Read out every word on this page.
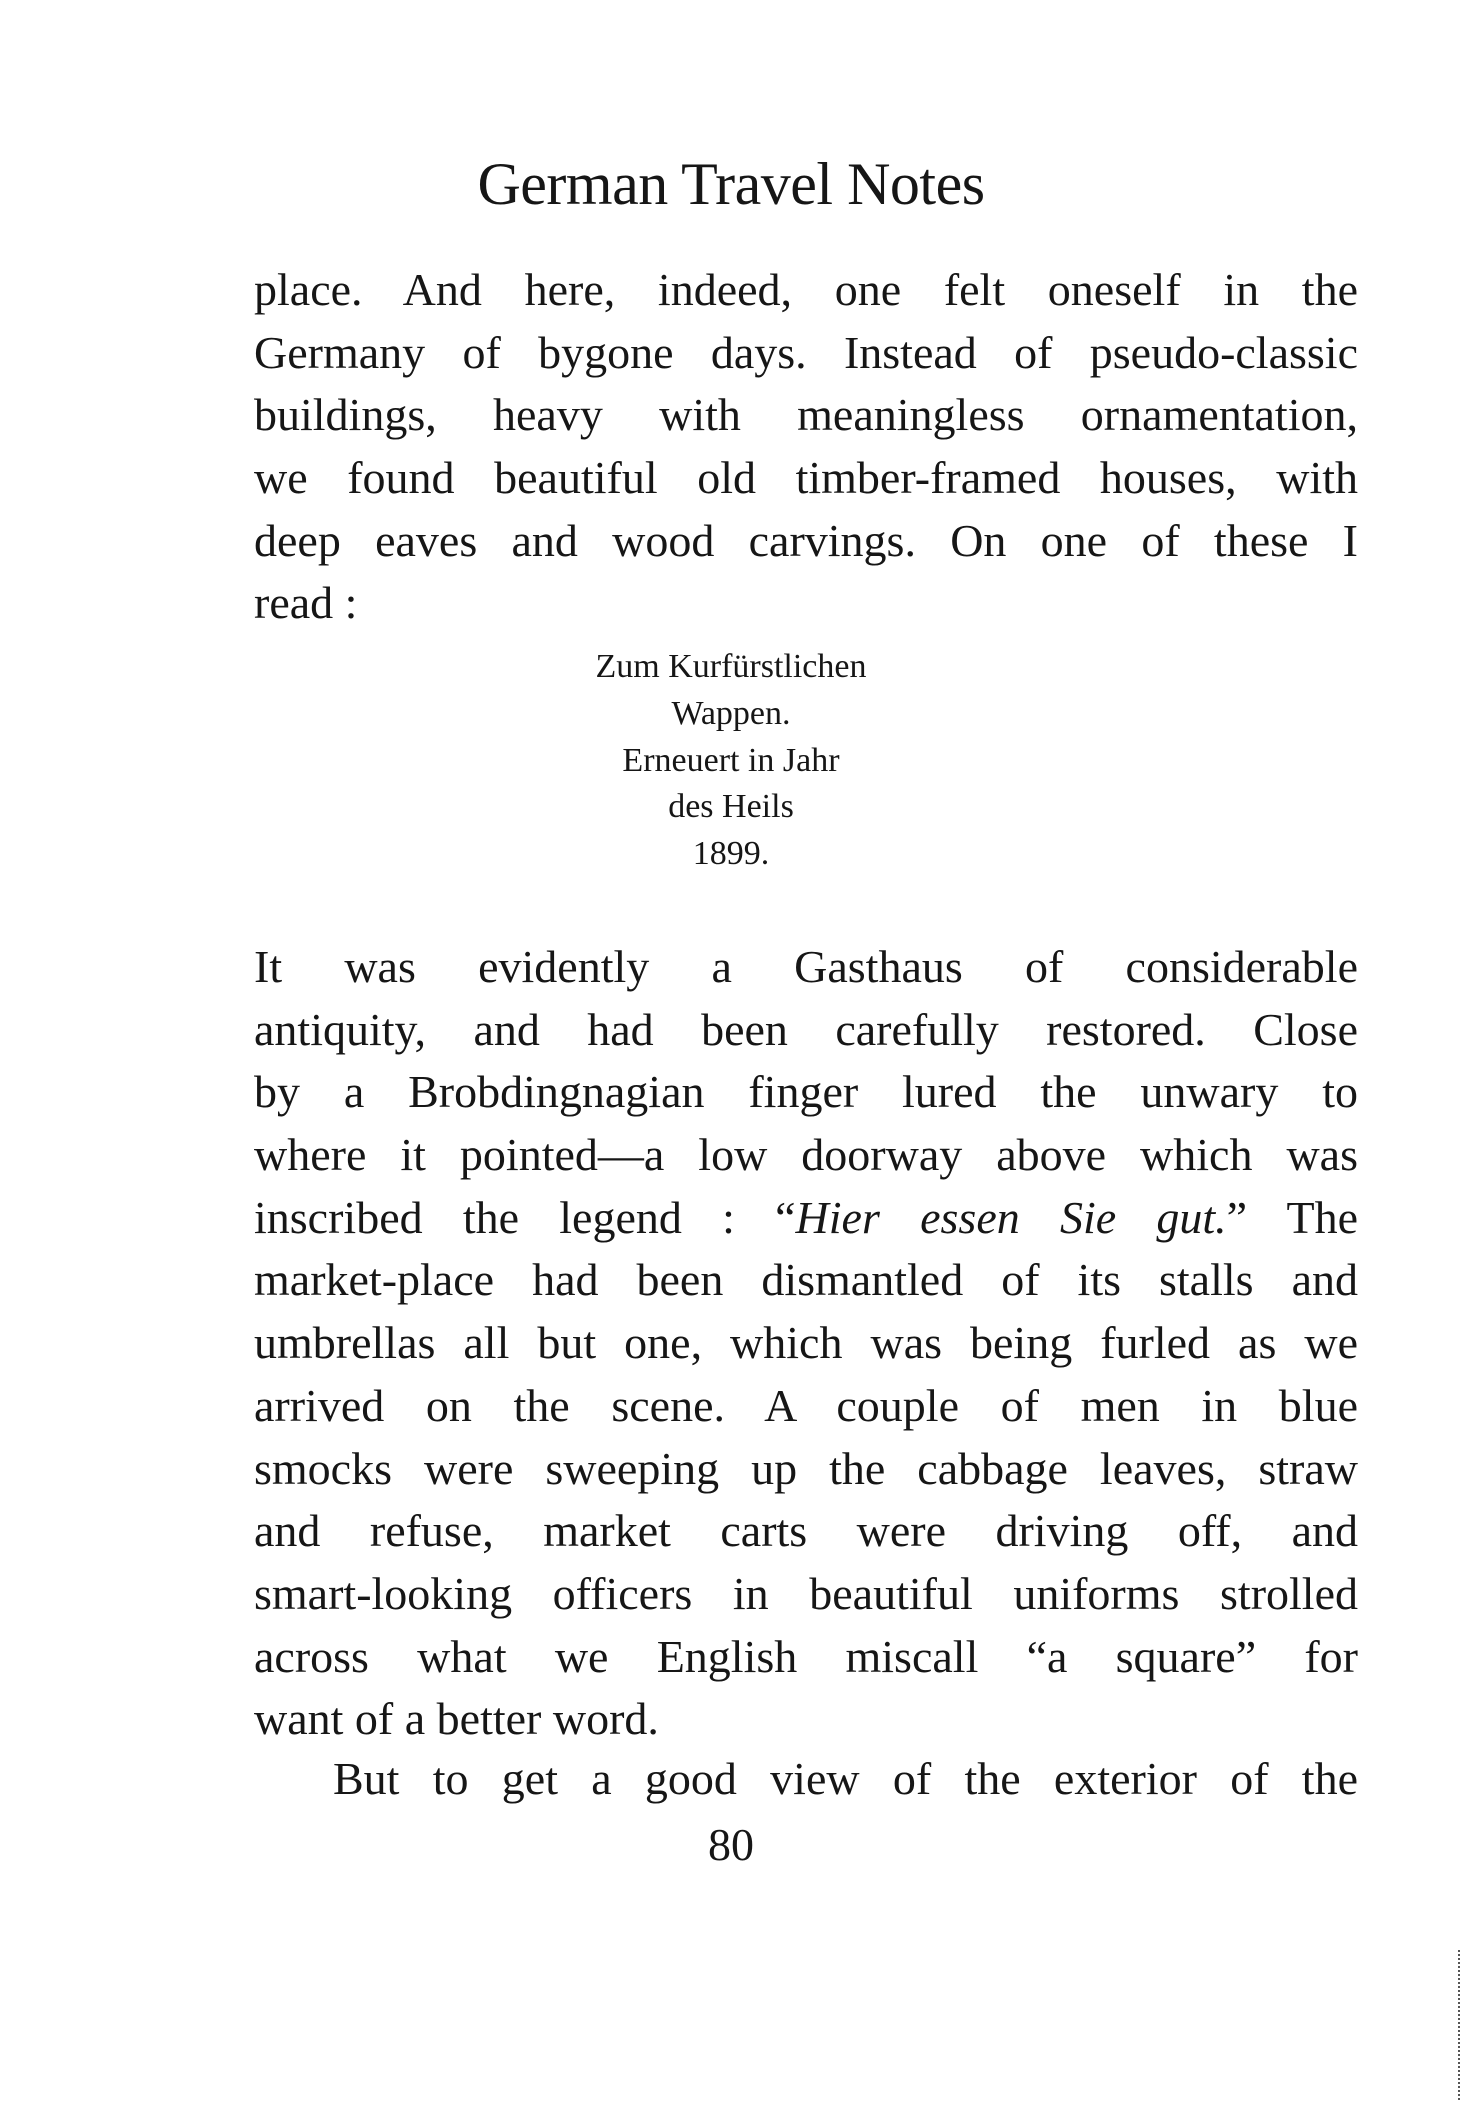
German Travel Notes
place. And here, indeed, one felt oneself in the
Germany of bygone days. Instead of pseudo-classic
buildings, heavy with meaningless ornamentation,
we found beautiful old timber-framed houses, with
deep eaves and wood carvings. On one of these I
read :
Zum Kurfürstlichen
Wappen.
Erneuert in Jahr
des Heils
1899.
It was evidently a Gasthaus of considerable
antiquity, and had been carefully restored. Close
by a Brobdingnagian finger lured the unwary to
where it pointed—a low doorway above which was
inscribed the legend : “Hier essen Sie gut.” The
market-place had been dismantled of its stalls and
umbrellas all but one, which was being furled as we
arrived on the scene. A couple of men in blue
smocks were sweeping up the cabbage leaves, straw
and refuse, market carts were driving off, and
smart-looking officers in beautiful uniforms strolled
across what we English miscall “a square” for
want of a better word.
But to get a good view of the exterior of the
80
